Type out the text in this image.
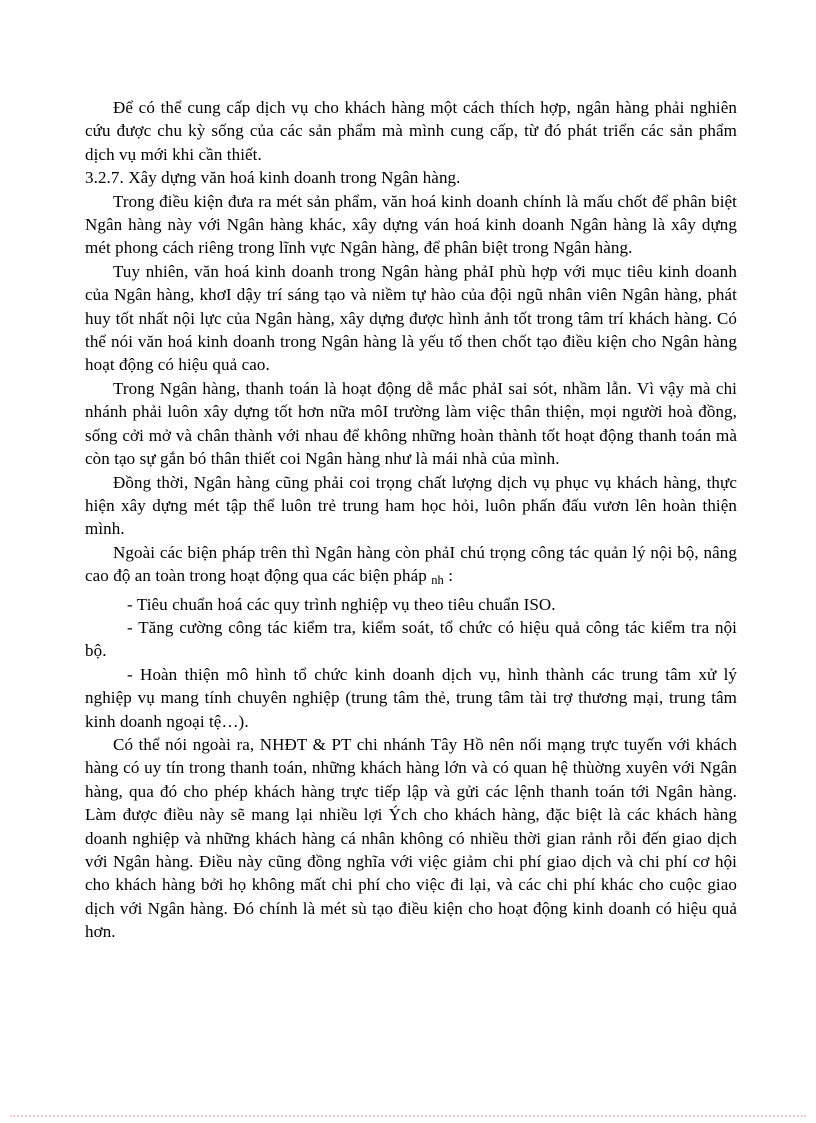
Để có thể cung cấp dịch vụ cho khách hàng một cách thích hợp, ngân hàng phải nghiên cứu được chu kỳ sống của các sản phẩm mà mình cung cấp, từ đó phát triển các sản phẩm dịch vụ mới khi cần thiết.

3.2.7. Xây dựng văn hoá kinh doanh trong Ngân hàng.

Trong điều kiện đưa ra mét sản phẩm, văn hoá kinh doanh chính là mấu chốt để phân biệt Ngân hàng này với Ngân hàng khác, xây dựng ván hoá kinh doanh Ngân hàng là xây dựng mét phong cách riêng trong lĩnh vực Ngân hàng, để phân biệt trong Ngân hàng.

Tuy nhiên, văn hoá kinh doanh trong Ngân hàng phảI phù hợp với mục tiêu kinh doanh của Ngân hàng, khơI dậy trí sáng tạo và niềm tự hào của đội ngũ nhân viên Ngân hàng, phát huy tốt nhất nội lực của Ngân hàng, xây dựng được hình ảnh tốt trong tâm trí khách hàng. Có thể nói văn hoá kinh doanh trong Ngân hàng là yếu tố then chốt tạo điều kiện cho Ngân hàng hoạt động có hiệu quả cao.

Trong Ngân hàng, thanh toán là hoạt động dễ mắc phảI sai sót, nhầm lẫn. Vì vậy mà chi nhánh phải luôn xây dựng tốt hơn nữa môI trường làm việc thân thiện, mọi người hoà đồng, sống cởi mở và chân thành với nhau để không những hoàn thành tốt hoạt động thanh toán mà còn tạo sự gắn bó thân thiết coi Ngân hàng như là mái nhà của mình.

Đồng thời, Ngân hàng cũng phải coi trọng chất lượng dịch vụ phục vụ khách hàng, thực hiện xây dựng mét tập thể luôn trẻ trung ham học hỏi, luôn phấn đấu vươn lên hoàn thiện mình.

Ngoài các biện pháp trên thì Ngân hàng còn phảI chú trọng công tác quản lý nội bộ, nâng cao độ an toàn trong hoạt động qua các biện pháp $_{nh}$ :

- Tiêu chuẩn hoá các quy trình nghiệp vụ theo tiêu chuẩn ISO.

- Tăng cường công tác kiểm tra, kiểm soát, tổ chức có hiệu quả công tác kiểm tra nội bộ.

- Hoàn thiện mô hình tổ chức kinh doanh dịch vụ, hình thành các trung tâm xử lý nghiệp vụ mang tính chuyên nghiệp (trung tâm thẻ, trung tâm tài trợ thương mại, trung tâm kinh doanh ngoại tệ…).

Có thể nói ngoài ra, NHĐT & PT chi nhánh Tây Hồ nên nối mạng trực tuyến với khách hàng có uy tín trong thanh toán, những khách hàng lớn và có quan hệ thùờng xuyên với Ngân hàng, qua đó cho phép khách hàng trực tiếp lập và gửi các lệnh thanh toán tới Ngân hàng. Làm được điều này sẽ mang lại nhiều lợi Ých cho khách hàng, đặc biệt là các khách hàng doanh nghiệp và những khách hàng cá nhân không có nhiều thời gian rảnh rỗi đến giao dịch với Ngân hàng. Điều này cũng đồng nghĩa với việc giảm chi phí giao dịch và chi phí cơ hội cho khách hàng bởi họ không mất chi phí cho việc đi lại, và các chi phí khác cho cuộc giao dịch với Ngân hàng. Đó chính là mét sù tạo điều kiện cho hoạt động kinh doanh có hiệu quả hơn.
